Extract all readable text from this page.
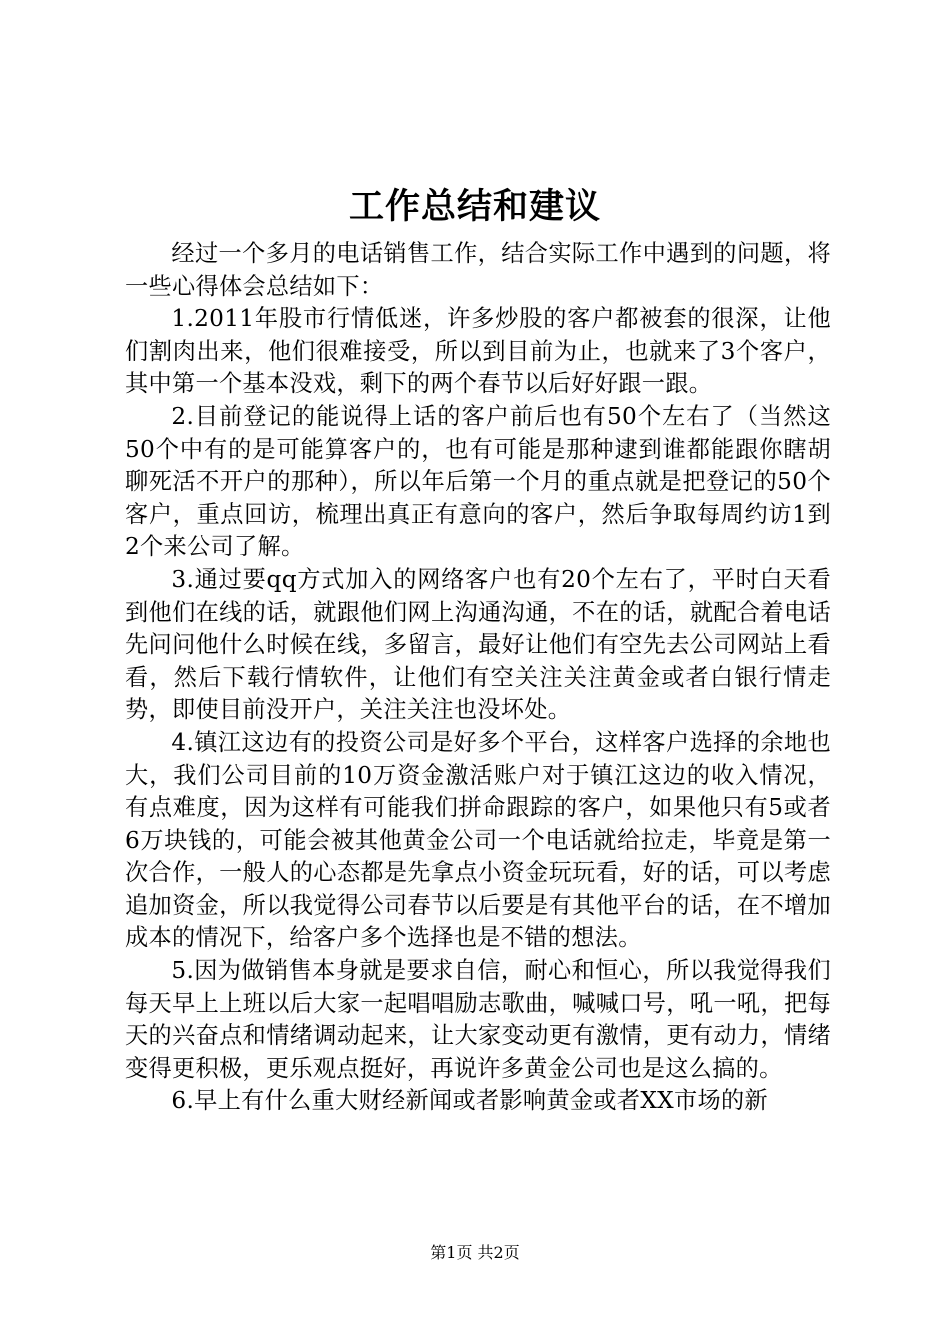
工作总结和建议

经过一个多月的电话销售工作，结合实际工作中遇到的问题，将一些心得体会总结如下：

1.2011年股市行情低迷，许多炒股的客户都被套的很深，让他们割肉出来，他们很难接受，所以到目前为止，也就来了3个客户，其中第一个基本没戏，剩下的两个春节以后好好跟一跟。

2.目前登记的能说得上话的客户前后也有50个左右了（当然这50个中有的是可能算客户的，也有可能是那种逮到谁都能跟你瞎胡聊死活不开户的那种），所以年后第一个月的重点就是把登记的50个客户，重点回访，梳理出真正有意向的客户，然后争取每周约访1到2个来公司了解。

3.通过要qq方式加入的网络客户也有20个左右了，平时白天看到他们在线的话，就跟他们网上沟通沟通，不在的话，就配合着电话先问问他什么时候在线，多留言，最好让他们有空先去公司网站上看看，然后下载行情软件，让他们有空关注关注黄金或者白银行情走势，即使目前没开户，关注关注也没坏处。

4.镇江这边有的投资公司是好多个平台，这样客户选择的余地也大，我们公司目前的10万资金激活账户对于镇江这边的收入情况，有点难度，因为这样有可能我们拼命跟踪的客户，如果他只有5或者6万块钱的，可能会被其他黄金公司一个电话就给拉走，毕竟是第一次合作，一般人的心态都是先拿点小资金玩玩看，好的话，可以考虑追加资金，所以我觉得公司春节以后要是有其他平台的话，在不增加成本的情况下，给客户多个选择也是不错的想法。

5.因为做销售本身就是要求自信，耐心和恒心，所以我觉得我们每天早上上班以后大家一起唱唱励志歌曲，喊喊口号，吼一吼，把每天的兴奋点和情绪调动起来，让大家变动更有激情，更有动力，情绪变得更积极，更乐观点挺好，再说许多黄金公司也是这么搞的。

6.早上有什么重大财经新闻或者影响黄金或者XX市场的新

第1页 共2页
